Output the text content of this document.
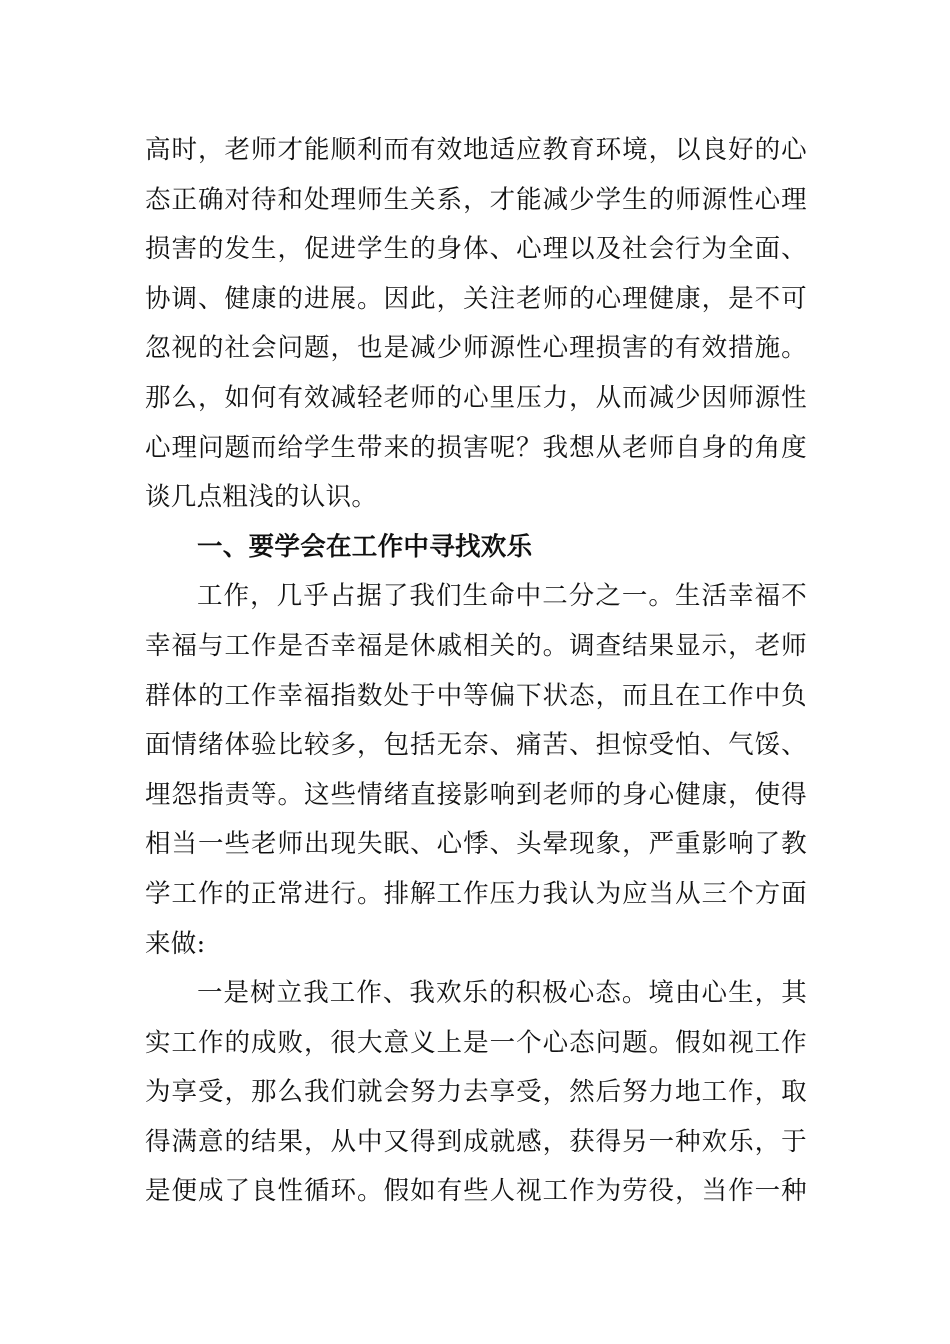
高时，老师才能顺利而有效地适应教育环境，以良好的心
态正确对待和处理师生关系，才能减少学生的师源性心理
损害的发生，促进学生的身体、心理以及社会行为全面、
协调、健康的进展。因此，关注老师的心理健康，是不可
忽视的社会问题，也是减少师源性心理损害的有效措施。
那么，如何有效减轻老师的心里压力，从而减少因师源性
心理问题而给学生带来的损害呢？我想从老师自身的角度
谈几点粗浅的认识。
一、要学会在工作中寻找欢乐
工作，几乎占据了我们生命中二分之一。生活幸福不
幸福与工作是否幸福是休戚相关的。调查结果显示，老师
群体的工作幸福指数处于中等偏下状态，而且在工作中负
面情绪体验比较多，包括无奈、痛苦、担惊受怕、气馁、
埋怨指责等。这些情绪直接影响到老师的身心健康，使得
相当一些老师出现失眠、心悸、头晕现象，严重影响了教
学工作的正常进行。排解工作压力我认为应当从三个方面
来做:
一是树立我工作、我欢乐的积极心态。境由心生，其
实工作的成败，很大意义上是一个心态问题。假如视工作
为享受，那么我们就会努力去享受，然后努力地工作，取
得满意的结果，从中又得到成就感，获得另一种欢乐，于
是便成了良性循环。假如有些人视工作为劳役，当作一种
